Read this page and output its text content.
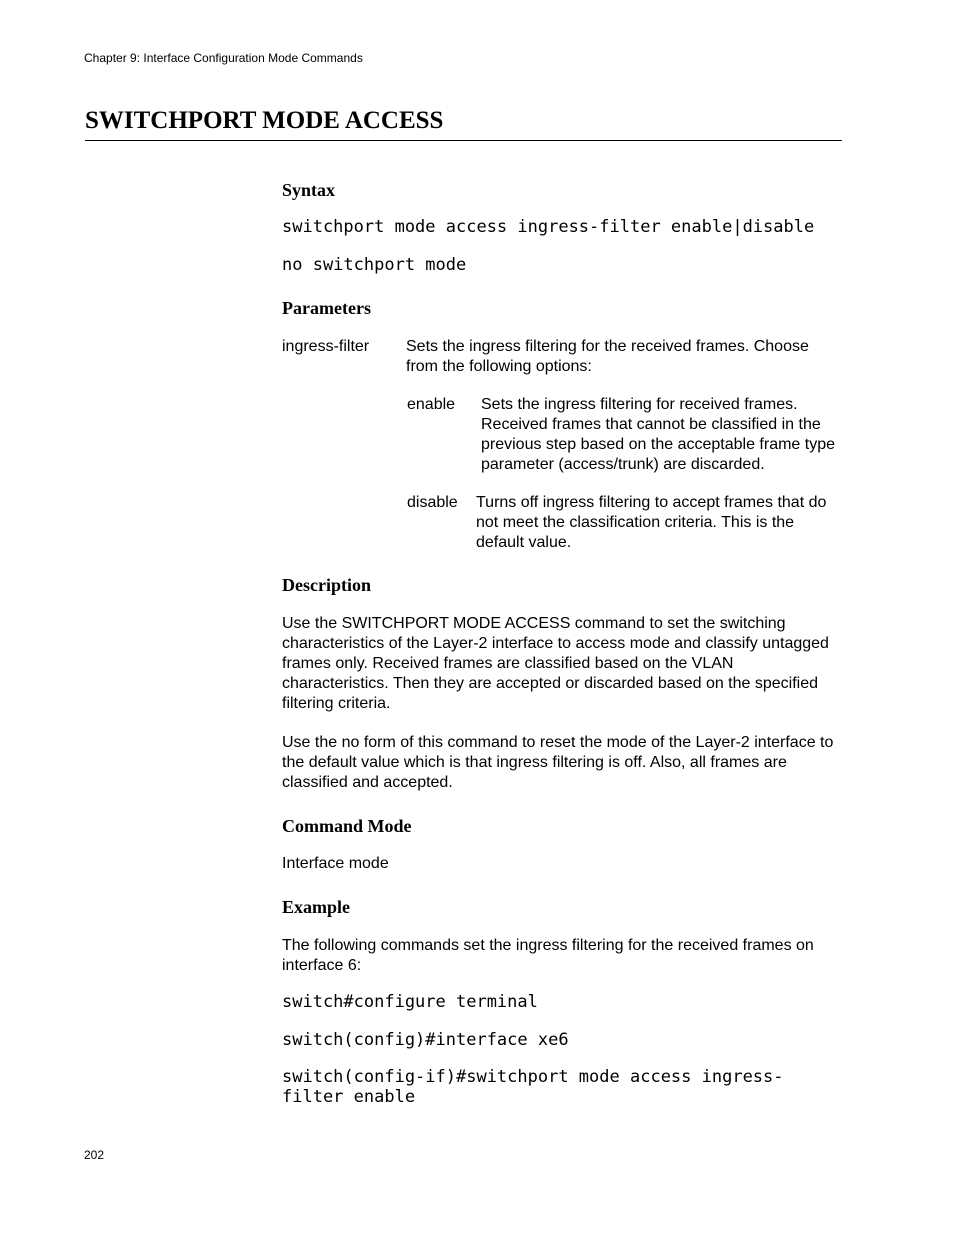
Chapter 9: Interface Configuration Mode Commands
SWITCHPORT MODE ACCESS
Syntax
switchport mode access ingress-filter enable|disable
no switchport mode
Parameters
ingress-filter Sets the ingress filtering for the received frames. Choose from the following options:
enable Sets the ingress filtering for received frames. Received frames that cannot be classified in the previous step based on the acceptable frame type parameter (access/trunk) are discarded.
disable Turns off ingress filtering to accept frames that do not meet the classification criteria. This is the default value.
Description

Use the SWITCHPORT MODE ACCESS command to set the switching characteristics of the Layer-2 interface to access mode and classify untagged frames only. Received frames are classified based on the VLAN characteristics. Then they are accepted or discarded based on the specified filtering criteria.

Use the no form of this command to reset the mode of the Layer-2 interface to the default value which is that ingress filtering is off. Also, all frames are classified and accepted.

Command Mode

Interface mode

Example

The following commands set the ingress filtering for the received frames on interface 6:

switch#configure terminal
switch(config)#interface xe6
switch(config-if)#switchport mode access ingress-
filter enable
202
